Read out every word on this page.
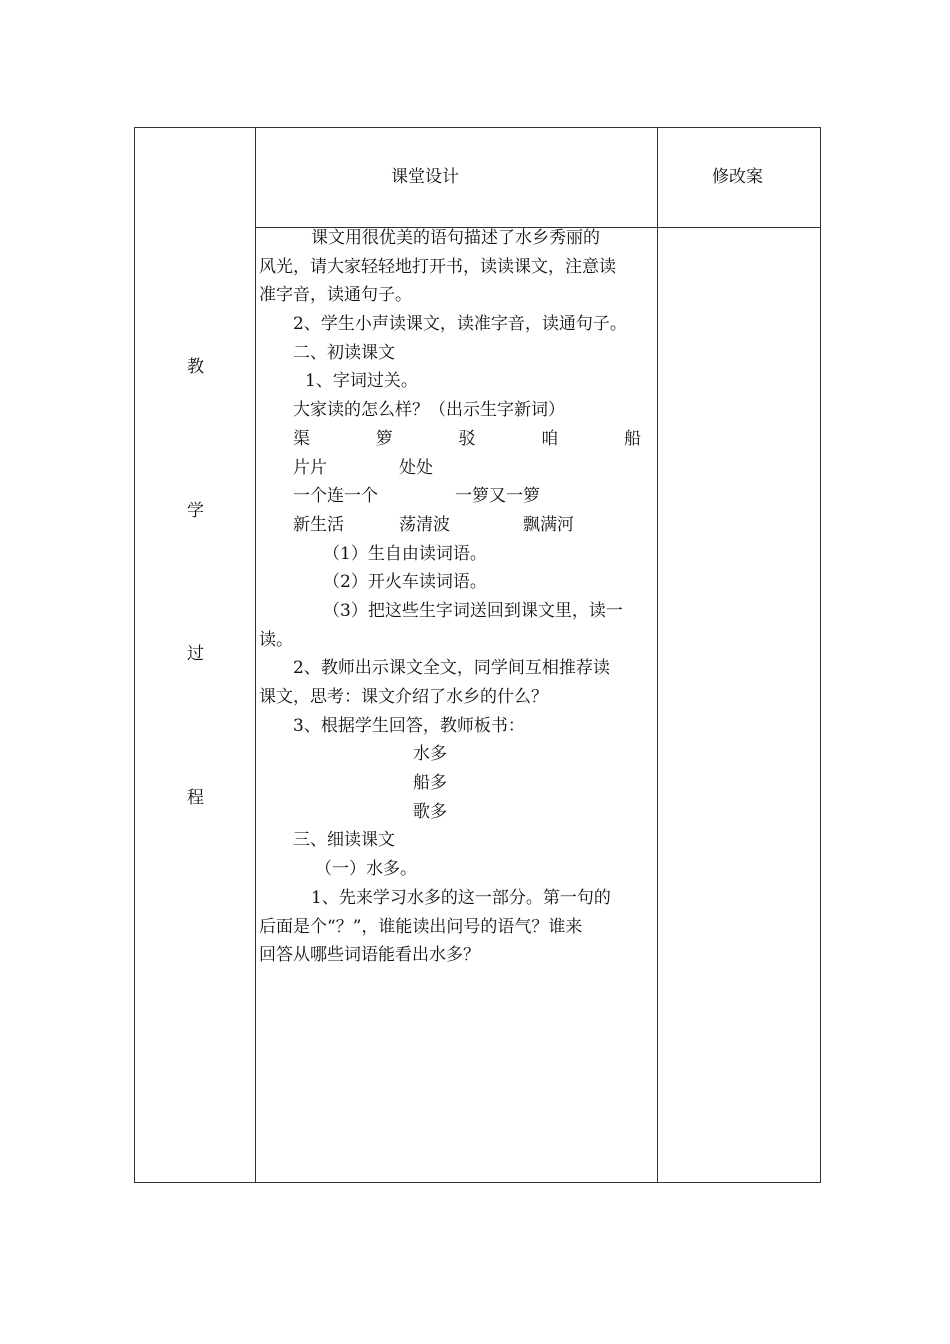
课堂设计	修改案
教
学
过
程
课文用很优美的语句描述了水乡秀丽的
风光，请大家轻轻地打开书，读读课文，注意读
准字音，读通句子。
2、学生小声读课文，读准字音，读通句子。
二、初读课文
1、字词过关。
大家读的怎么样？（出示生字新词）
渠	箩	驳	咱	船
片片	处处
一个连一个	一箩又一箩
新生活	荡清波	飘满河
（1）生自由读词语。
（2）开火车读词语。
（3）把这些生字词送回到课文里，读一
读。
2、教师出示课文全文，同学间互相推荐读
课文，思考：课文介绍了水乡的什么？
3、根据学生回答，教师板书：
水多
船多
歌多
三、细读课文
（一）水多。
1、先来学习水多的这一部分。第一句的
后面是个“？”，谁能读出问号的语气？谁来
回答从哪些词语能看出水多？
